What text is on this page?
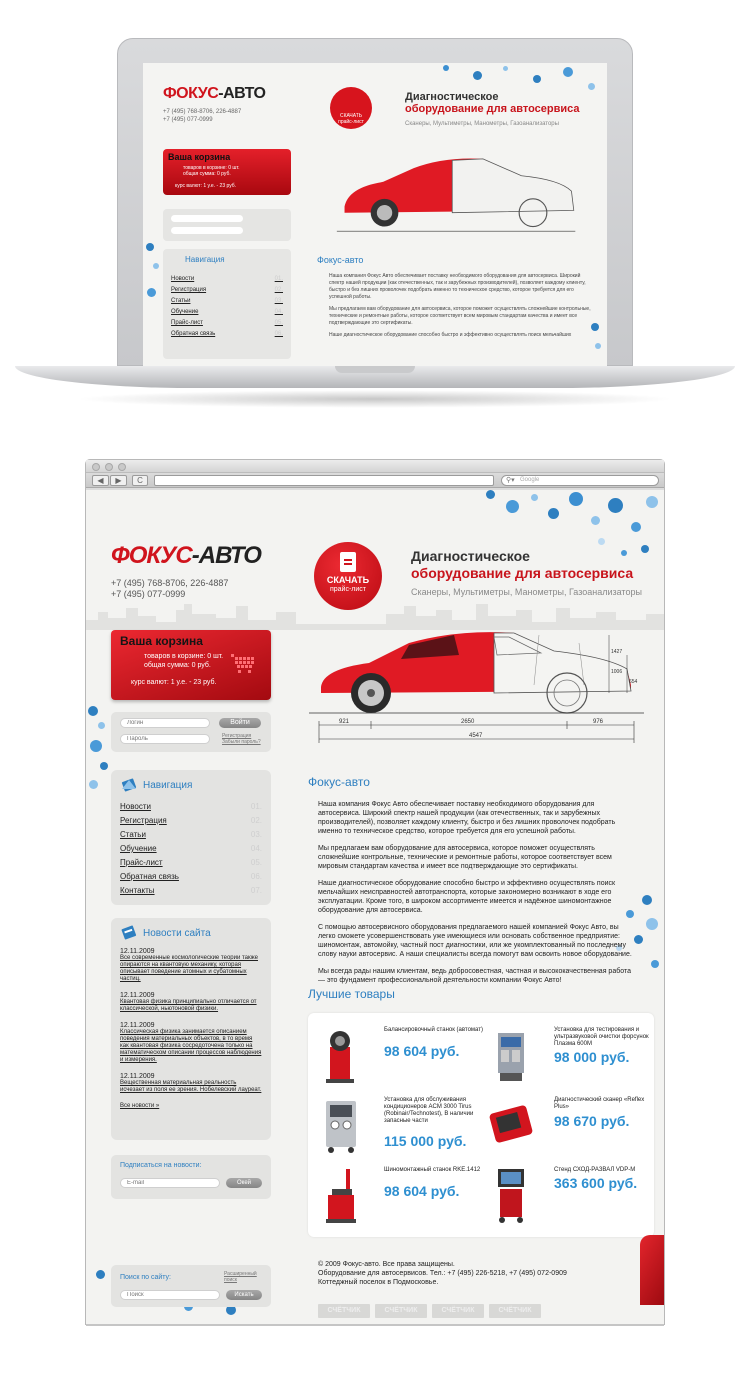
ФОКУС-АВТО
+7 (495) 768-8706, 226-4887
+7 (495) 077-0999
СКАЧАТЬ
прайс-лист
Диагностическое
оборудование для автосервиса
Сканеры, Мультиметры, Манометры, Газоанализаторы
Ваша корзина
товаров в корзине: 0 шт.
общая сумма: 0 руб.
курс валют: 1 у.е. - 23 руб.
Навигация
Новости	01.
Регистрация	02.
Статьи	03.
Обучение	04.
Прайс-лист	05.
Обратная связь	06.
Фокус-авто

Наша компания Фокус Авто обеспечивает поставку необходимого оборудования для автосервиса. Широкий спектр нашей продукции (как отечественных, так и зарубежных производителей), позволяет каждому клиенту, быстро и без лишних проволочек подобрать именно то техническое средство, которое требуется для его успешной работы.

Мы предлагаем вам оборудование для автосервиса, которое поможет осуществлять сложнейшие контрольные, технические и ремонтные работы, которое соответствует всем мировым стандартам качества и имеет все подтверждающие это сертификаты.

Наше диагностическое оборудование способно быстро и эффективно осуществлять поиск мельчайших

◀	▶	C	⚲▾ Google
ФОКУС-АВТО
+7 (495) 768-8706, 226-4887
+7 (495) 077-0999
СКАЧАТЬ
прайс-лист
Диагностическое
оборудование для автосервиса
Сканеры, Мультиметры, Манометры, Газоанализаторы
Ваша корзина
товаров в корзине: 0 шт.
общая сумма: 0 руб.
курс валют: 1 у.е. - 23 руб.
Логин
Пароль
Войти
Регистрация
Забыли пароль?
Навигация
Новости	01.
Регистрация	02.
Статьи	03.
Обучение	04.
Прайс-лист	05.
Обратная связь	06.
Контакты	07.
Новости сайта
12.11.2009
Все современные космологические теории также опираются на квантовую механику, которая описывает поведение атомных и субатомных частиц.
12.11.2009
Квантовая физика принципиально отличается от классической, ньютоновой физики.
12.11.2009
Классическая физика занимается описанием поведения материальных объектов, в то время как квантовая физика сосредоточена только на математическом описании процессов наблюдения и измерения.
12.11.2009
Вещественная материальная реальность исчезает из поля ее зрения. Нобелевский лауреат.
Все новости »
Подписаться на новости:
E-mail
Окей
Поиск по сайту:	Расширенный
поиск
Поиск
Искать
921	2650	976
4547
1427
1006
654
Фокус-авто

Наша компания Фокус Авто обеспечивает поставку необходимого оборудования для автосервиса. Широкий спектр нашей продукции (как отечественных, так и зарубежных производителей), позволяет каждому клиенту, быстро и без лишних проволочек подобрать именно то техническое средство, которое требуется для его успешной работы.

Мы предлагаем вам оборудование для автосервиса, которое поможет осуществлять сложнейшие контрольные, технические и ремонтные работы, которое соответствует всем мировым стандартам качества и имеет все подтверждающие это сертификаты.

Наше диагностическое оборудование способно быстро и эффективно осуществлять поиск мельчайших неисправностей автотранспорта, которые закономерно возникают в ходе его эксплуатации. Кроме того, в широком ассортименте имеется и надёжное шиномонтажное оборудование для автосервиса.

С помощью автосервисного оборудования предлагаемого нашей компанией Фокус Авто, вы легко сможете усовершенствовать уже имеющиеся или основать собственное предприятие: шиномонтаж, автомойку, частный пост диагностики, или же укомплектованный по последнему слову науки автосервис. А наши специалисты всегда помогут вам освоить новое оборудование.

Мы всегда рады нашим клиентам, ведь добросовестная, частная и высококачественная работа — это фундамент профессиональной деятельности компании Фокус Авто!

Лучшие товары
Балансировочный станок (автомат)
98 604 руб.
Установка для тестирования и ультразвуковой очистки форсунок Плазма 600М
98 000 руб.
Установка для обслуживания кондиционеров ACM 3000 Tirus (Robinair/Technotest), В наличии запасные части
115 000 руб.
Диагностический сканер «Reflex Plus»
98 670 руб.
Шиномонтажный станок RKE.1412
98 604 руб.
Стенд СХОД-РАЗВАЛ VDP-M
363 600 руб.
© 2009 Фокус-авто. Все права защищены.
Оборудование для автосервисов. Тел.: +7 (495) 226-5218, +7 (495) 072-0909
Коттеджный поселок в Подмосковье.
СЧЁТЧИК	СЧЁТЧИК	СЧЁТЧИК	СЧЁТЧИК
